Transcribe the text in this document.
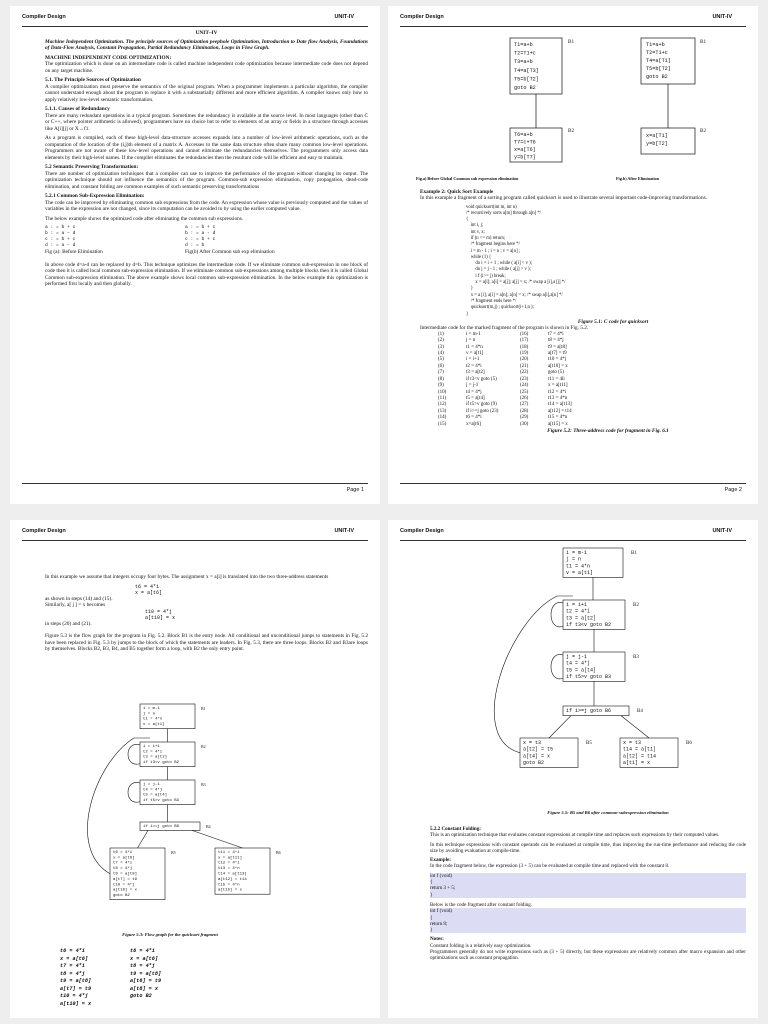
Compiler Design	UNIT-IV
UNIT–IV

Machine Independent Optimization. The principle sources of Optimization peephole Optimization, Introduction to Date flow Analysis, Foundations of Data-Flow Analysis, Constant Propagation, Partial Redundancy Elimination, Loops in Flow Graph.

MACHINE INDEPENDENT CODE OPTIMIZATION:

The optimization which is done on an intermediate code is called machine independent code optimization because intermediate code does not depend on any target machine.

5.1. The Principle Sources of Optimization

A compiler optimization must preserve the semantics of the original program. When a programmer implements a particular algorithm, the compiler cannot understand enough about the program to replace it with a substantially different and more efficient algorithm. A compiler knows only how to apply relatively low-level semantic transformation.

5.1.1. Causes of Redundancy

There are many redundant operations in a typical program. Sometimes the redundancy is available at the source level. In most languages (other than C or C++, where pointer arithmetic is allowed), programmers have no choice but to refer to elements of an array or fields in a structure through accesses like A[i][j] or X→f1.

As a program is compiled, each of these high-level data-structure accesses expands into a number of low-level arithmetic operations, such as the computation of the location of the (i,j)th element of a matrix A. Accesses to the same data structure often share many common low-level operations. Programmers are not aware of these low-level operations and cannot eliminate the redundancies themselves. The programmers only access data elements by their high-level names. If the compiler eliminates the redundancies then the resultant code will be efficient and easy to maintain.

5.2 Semantic Preserving Transformation:

There are number of optimization techniques that a compiler can use to improve the performance of the program without changing its output. The optimization technique should not influence the semantics of the program. Common-sub expression elimination, copy propagation, dead-code elimination, and constant folding are common examples of such semantic preserving transformations

5.2.1 Common Sub-Expression Elimination:

The code can be improved by eliminating common sub expressions from the code. An expression whose value is previously computed and the values of variables in the expression are not changed, since its computation can be avoided to by using the earlier computed value.

The below example shows the optimized code after eliminating the common sub expressions.

a : = b + c
b : = a – d
c : = b + c
d : = a – d
a : = b + c
b : = a - d
c : = b + c
d : = b
Fig (a): Before Elimination	Fig(b) After Common sub exp elimination

In above code d=a-d can be replaced by d=b. This technique optimizes the intermediate code. If we eliminate common sub-expression in one block of code then it is called local common sub-expression elimination. If we eliminate common sub-expressions among multiple blocks then it is called Global Common sub-expression elimination. The above example shows local common sub-expression elimination. In the below example this optimization is performed first locally and then globally.

Page 1
Compiler Design	UNIT-IV
T1=a+b
T2=T1+c
T3=a+b
T4=a[T3]
T5=b[T2]
goto B2
T6=a+b
T7=c+T6
x=a[T6]
y=b[T7]
T1=a+b
T2=T1+c
T4=a[T1]
T5=b[T2]
goto B2
x=a[T1]
y=b[T2]
B1
B2
B1
B2
Fig.a) Before Global Common sub expression elimination	Fig.b) After Elimination
Example 2: Quick Sort Example

In this example a fragment of a sorting program called quicksort is used to illustrate several important code-improving transformations.

void quicksort(int m, int n)
/* recursively sorts a[m] through a[n] */
{
int i, j;
int v, x;
if (n <= m) return;
/* fragment begins here */
i = m - 1 ; i = n ; v = a[n] ;
while (1) {
do i = i + 1 ; while ( a[i] < v );
do j = j - 1 ; while ( a[j] > v );
i f (i>= j) break;
x = a[i]; a[i] = a[j]; a[j] = x; /* swap a [i],a [j] */
}
x = a [i]; a[i] = a[n]; a[n] = x; /* swap a[i],a[n] */
/* fragment ends here */
quicksort(m,j) ; quicksort(i+1,n );
}
Figure 5.1: C code for quicksort
Intermediate code for the marked fragment of the program is shown in Fig. 5.2.
(1)	i = m-1	(16)	t7 = 4*i
(2)	j = n	(17)	t8 = 4*j
(3)	t1 = 4*n	(18)	t9 = a[t8]
(4)	v = a[t1]	(19)	a[t7] = t9
(5)	i = i+1	(20)	t10 = 4*j
(6)	t2 = 4*i	(21)	a[t10] = x
(7)	t3 = a[t2]	(22)	goto (5)
(8)	if t3<v goto (5)	(23)	t11 = 4li
(9)	j = j-1	(24)	x = a[t11]
(10)	t4 = 4*j	(25)	t12 = 4*i
(11)	t5 = a[t4]	(26)	t13 = 4*n
(12)	if t5>v goto (9)	(27)	t14 = a[t13]
(13)	if i>=j goto (23)	(28)	a[t12] = t14
(14)	t6 = 4*i	(29)	t15 = 4*n
(15)	x=a[t6]	(30)	a[t15] = x
Figure 5.2: Three-address code for fragment in Fig. 6.1
Page 2
Compiler Design	UNIT-IV

In this example we assume that integers occupy four bytes. The assignment x = a[i] is translated into the two three-address statements

t6 = 4*i
x = a[t6]
as shown in steps (14) and (15).
Similarly, a[ j ] = x becomes
t10 = 4*j
a[t10] = x

in steps (20) and (21).

Figure 5.3 is the flow graph for the program in Fig. 5.2. Block B1 is the entry node. All conditional and unconditional jumps to statements in Fig. 5.2 have been replaced in Fig. 5.3 by jumps to the block of which the statements are leaders. In Fig. 5.3, there are three loops. Blocks B2 and B3are loops by themselves. Blocks B2, B3, B4, and B5 together form a loop, with B2 the only entry point.

i = m-1
j = n
t1 = 4*n
v = a[t1]
B1
i = i+1
t2 = 4*i
t3 = a[t2]
if t3<v goto B2
B2
j = j-1
t4 = 4*j
t5 = a[t4]
if t5>v goto B3
B3
if i>=j goto B6	B4
t6 = 4*i
x = a[t6]
t7 = 4*i
t8 = 4*j
t9 = a[t8]
a[t7] = t9
t10 = 4*j
a[t10] = x
goto B2
B5	t11 = 4*i
x = a[t11]
t12 = 4*i
t13 = 4*n
t14 = a[t13]
a[t12] = t14
t15 = 4*n
a[t15] = x
B6
Figure 5.3: Flow graph for the quicksort fragment
t6 = 4*i
x = a[t6]
t7 = 4*i
t8 = 4*j
t9 = a[t8]
a[t7] = t9
t10 = 4*j
a[t10] = x
t6 = 4*i
x = a[t6]
t8 = 4*j
t9 = a[t8]
a[t6] = t9
a[t8] = x
goto B2
Compiler Design	UNIT-IV
i = m-1
j = n
t1 = 4*n
v = a[t1]
B1
i = i+1
t2 = 4*i
t3 = a[t2]
if t3<v goto B2
B2
j = j-1
t4 = 4*j
t5 = a[t4]
if t5>v goto B3
B3
if i>=j goto B6	B4
x = t3
a[t2] = t5
a[t4] = x
goto B2
B5	x = t3
t14 = a[t1]
a[t2] = t14
a[t1] = x
B6
Figure 5.5: B5 and B6 after common-subexpression elimination
5.2.2 Constant Folding:

This is an optimization technique that evaluates constant expressions at compile time and replaces such expressions by their computed values.

In this technique expressions with constant operands can be evaluated at compile time, thus improving the run-time performance and reducing the code size by avoiding evaluation at compile-time.

Example:

In the code fragment below, the expression (3 + 5) can be evaluated at compile time and replaced with the constant 8.

int f (void)
{
return 3 + 5;
}
Below is the code fragment after constant folding.
int f (void)
{
return 8;
}
Notes:
Constant folding is a relatively easy optimization.

Programmers generally do not write expressions such as (3 + 5) directly, but these expressions are relatively common after macro expansion and other optimizations such as constant propagation.
